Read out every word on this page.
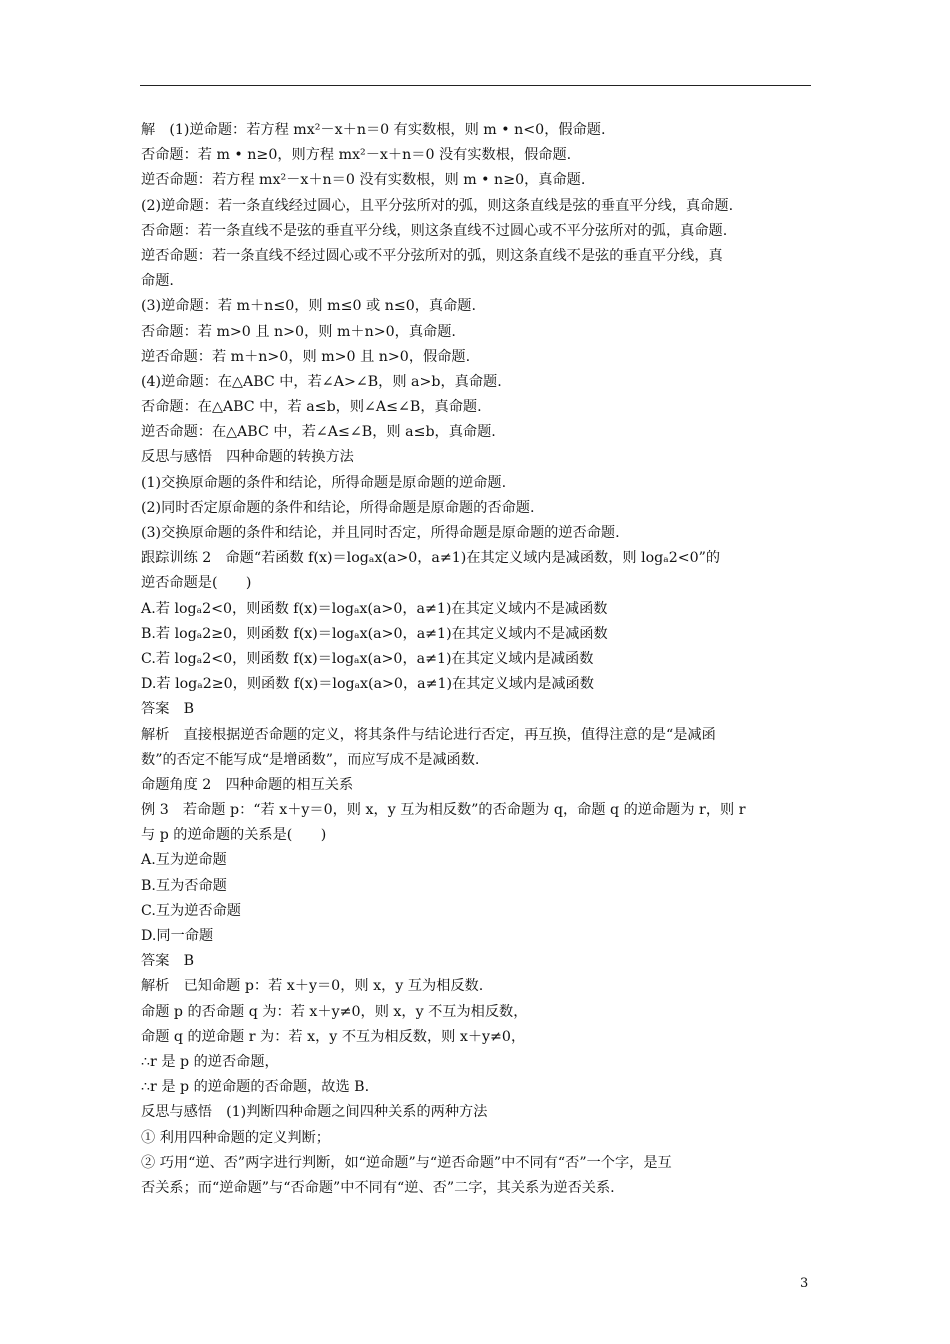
解　(1)逆命题：若方程 mx²－x＋n＝0 有实数根，则 m • n<0，假命题.
否命题：若 m • n≥0，则方程 mx²－x＋n＝0 没有实数根，假命题.
逆否命题：若方程 mx²－x＋n＝0 没有实数根，则 m • n≥0，真命题.
(2)逆命题：若一条直线经过圆心，且平分弦所对的弧，则这条直线是弦的垂直平分线，真命题.
否命题：若一条直线不是弦的垂直平分线，则这条直线不过圆心或不平分弦所对的弧，真命题.
逆否命题：若一条直线不经过圆心或不平分弦所对的弧，则这条直线不是弦的垂直平分线，真
命题.
(3)逆命题：若 m＋n≤0，则 m≤0 或 n≤0，真命题.
否命题：若 m>0 且 n>0，则 m＋n>0，真命题.
逆否命题：若 m＋n>0，则 m>0 且 n>0，假命题.
(4)逆命题：在△ABC 中，若∠A>∠B，则 a>b，真命题.
否命题：在△ABC 中，若 a≤b，则∠A≤∠B，真命题.
逆否命题：在△ABC 中，若∠A≤∠B，则 a≤b，真命题.
反思与感悟　四种命题的转换方法
(1)交换原命题的条件和结论，所得命题是原命题的逆命题.
(2)同时否定原命题的条件和结论，所得命题是原命题的否命题.
(3)交换原命题的条件和结论，并且同时否定，所得命题是原命题的逆否命题.
跟踪训练 2　命题“若函数 f(x)＝logₐx(a>0，a≠1)在其定义域内是减函数，则 logₐ2<0”的
逆否命题是(　　)
A.若 logₐ2<0，则函数 f(x)＝logₐx(a>0，a≠1)在其定义域内不是减函数
B.若 logₐ2≥0，则函数 f(x)＝logₐx(a>0，a≠1)在其定义域内不是减函数
C.若 logₐ2<0，则函数 f(x)＝logₐx(a>0，a≠1)在其定义域内是减函数
D.若 logₐ2≥0，则函数 f(x)＝logₐx(a>0，a≠1)在其定义域内是减函数
答案　B
解析　直接根据逆否命题的定义，将其条件与结论进行否定，再互换，值得注意的是“是减函
数”的否定不能写成“是增函数”，而应写成不是减函数.
命题角度 2　四种命题的相互关系
例 3　若命题 p：“若 x＋y＝0，则 x，y 互为相反数”的否命题为 q，命题 q 的逆命题为 r，则 r
与 p 的逆命题的关系是(　　)
A.互为逆命题
B.互为否命题
C.互为逆否命题
D.同一命题
答案　B
解析　已知命题 p：若 x＋y＝0，则 x，y 互为相反数.
命题 p 的否命题 q 为：若 x＋y≠0，则 x，y 不互为相反数，
命题 q 的逆命题 r 为：若 x，y 不互为相反数，则 x＋y≠0，
∴r 是 p 的逆否命题，
∴r 是 p 的逆命题的否命题，故选 B.
反思与感悟　(1)判断四种命题之间四种关系的两种方法
① 利用四种命题的定义判断；
② 巧用“逆、否”两字进行判断，如“逆命题”与“逆否命题”中不同有“否”一个字，是互
否关系；而“逆命题”与“否命题”中不同有“逆、否”二字，其关系为逆否关系.
3
